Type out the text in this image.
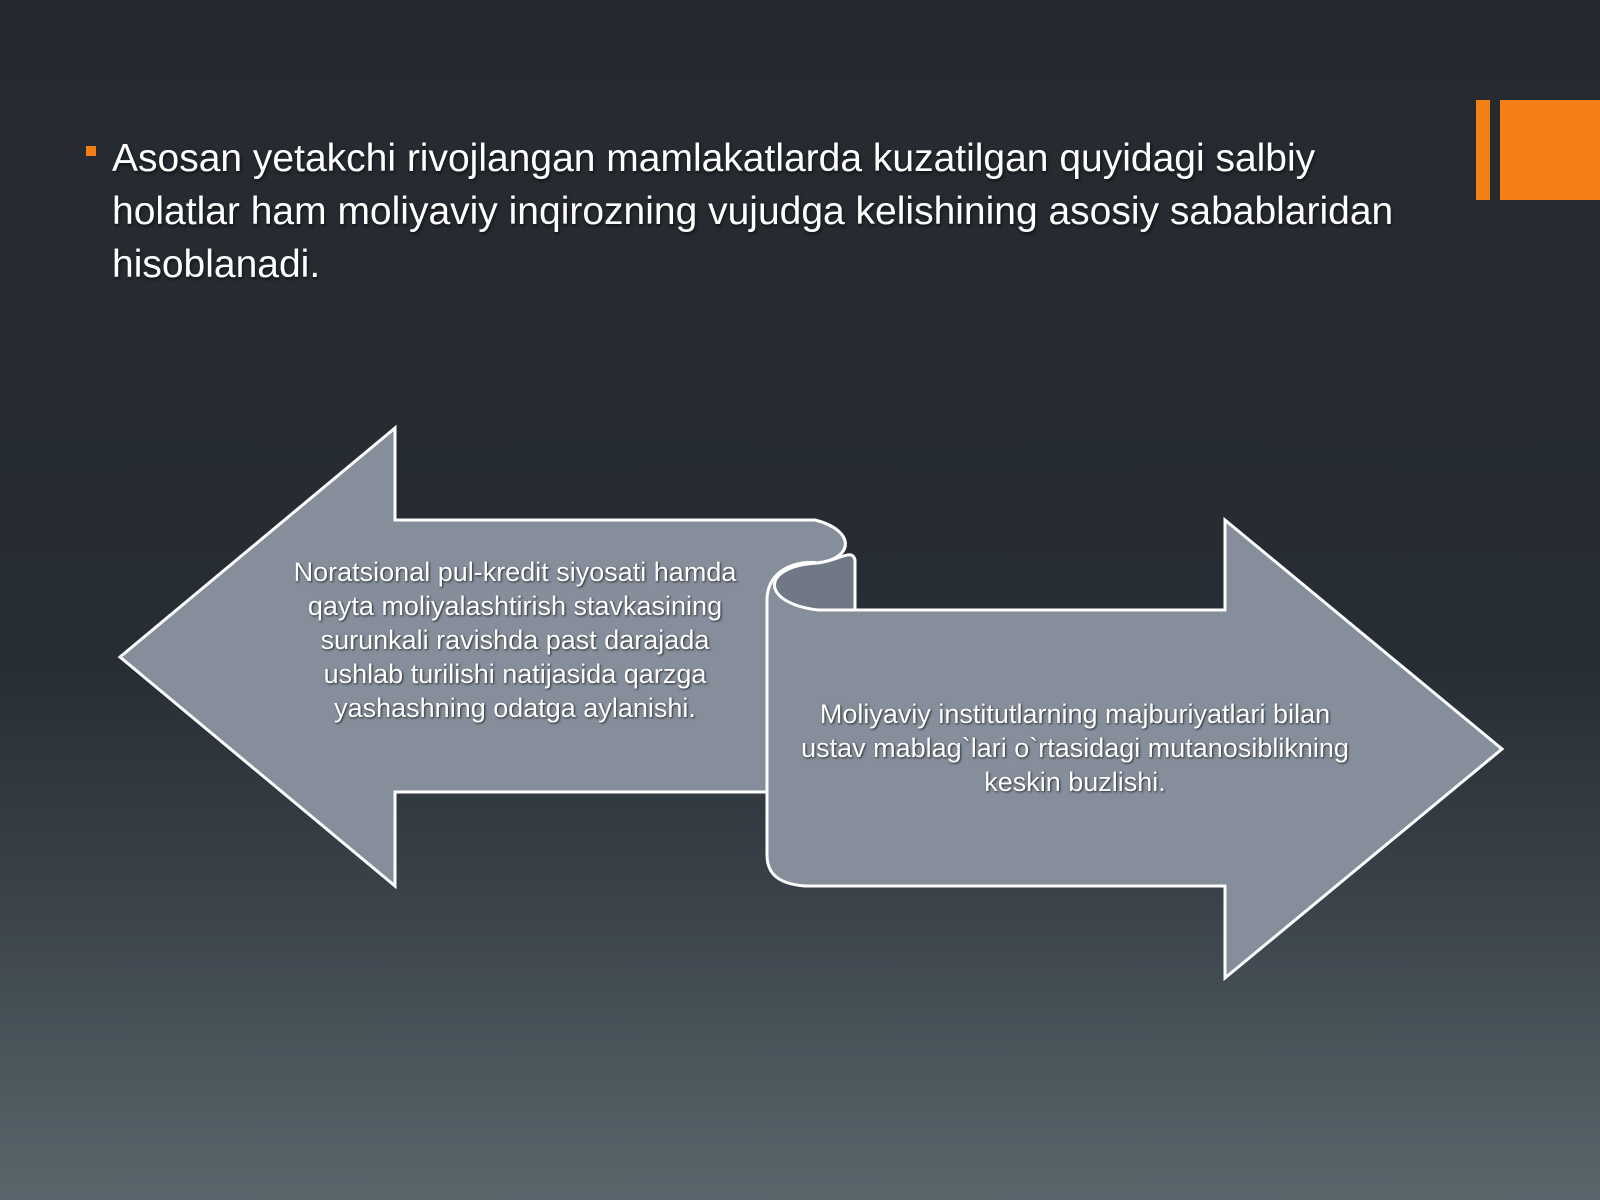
Asosan yetakchi rivojlangan mamlakatlarda kuzatilgan quyidagi salbiy holatlar ham moliyaviy inqirozning vujudga kelishining asosiy sabablaridan hisoblanadi.
Noratsional pul-kredit siyosati hamda qayta moliyalashtirish stavkasining surunkali ravishda past darajada ushlab turilishi natijasida qarzga yashashning odatga aylanishi.	Moliyaviy institutlarning majburiyatlari bilan ustav mablag`lari o`rtasidagi mutanosiblikning keskin buzlishi.
